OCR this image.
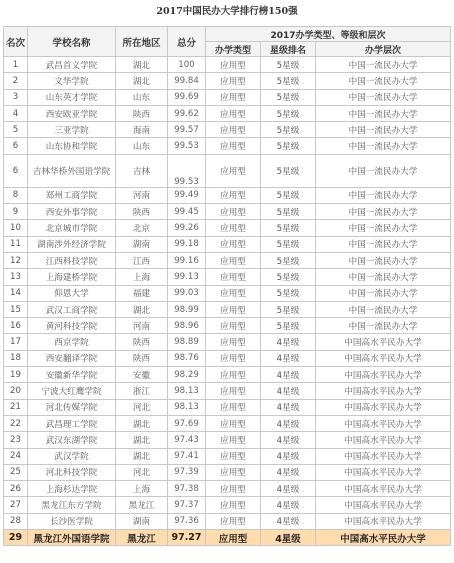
2017中国民办大学排行榜150强
名次	学校名称	所在地区	总分	2017办学类型、等级和层次		
				办学类型	星级排名	办学层次
1	武昌首义学院	湖北	100	应用型	5星级	中国一流民办大学
2	文华学院	湖北	99.84	应用型	5星级	中国一流民办大学
3	山东英才学院	山东	99.69	应用型	5星级	中国一流民办大学
4	西安欧亚学院	陕西	99.62	应用型	5星级	中国一流民办大学
5	三亚学院	海南	99.57	应用型	5星级	中国一流民办大学
6	山东协和学院	山东	99.53	应用型	5星级	中国一流民办大学
6	吉林华桥外国语学院	吉林	99.53	应用型	5星级	中国一流民办大学
8	郑州工商学院	河南	99.49	应用型	5星级	中国一流民办大学
9	西安外事学院	陕西	99.45	应用型	5星级	中国一流民办大学
10	北京城市学院	北京	99.26	应用型	5星级	中国一流民办大学
11	湖南涉外经济学院	湖南	99.18	应用型	5星级	中国一流民办大学
12	江西科技学院	江西	99.16	应用型	5星级	中国一流民办大学
13	上海建桥学院	上海	99.13	应用型	5星级	中国一流民办大学
14	仰恩大学	福建	99.03	应用型	5星级	中国一流民办大学
15	武汉工商学院	湖北	98.99	应用型	5星级	中国一流民办大学
16	黄河科技学院	河南	98.96	应用型	5星级	中国一流民办大学
17	西京学院	陕西	98.89	应用型	4星级	中国高水平民办大学
18	西安翻译学院	陕西	98.76	应用型	4星级	中国高水平民办大学
19	安徽新华学院	安徽	98.29	应用型	4星级	中国高水平民办大学
20	宁波大红鹰学院	浙江	98.13	应用型	4星级	中国高水平民办大学
21	河北传媒学院	河北	98.13	应用型	4星级	中国高水平民办大学
22	武昌理工学院	湖北	97.69	应用型	4星级	中国高水平民办大学
23	武汉东湖学院	湖北	97.43	应用型	4星级	中国高水平民办大学
24	武汉学院	湖北	97.41	应用型	4星级	中国高水平民办大学
25	河北科技学院	河北	97.39	应用型	4星级	中国高水平民办大学
26	上海杉达学院	上海	97.38	应用型	4星级	中国高水平民办大学
27	黑龙江东方学院	黑龙江	97.37	应用型	4星级	中国高水平民办大学
28	长沙医学院	湖南	97.36	应用型	4星级	中国高水平民办大学
29	黑龙江外国语学院	黑龙江	97.27	应用型	4星级	中国高水平民办大学
